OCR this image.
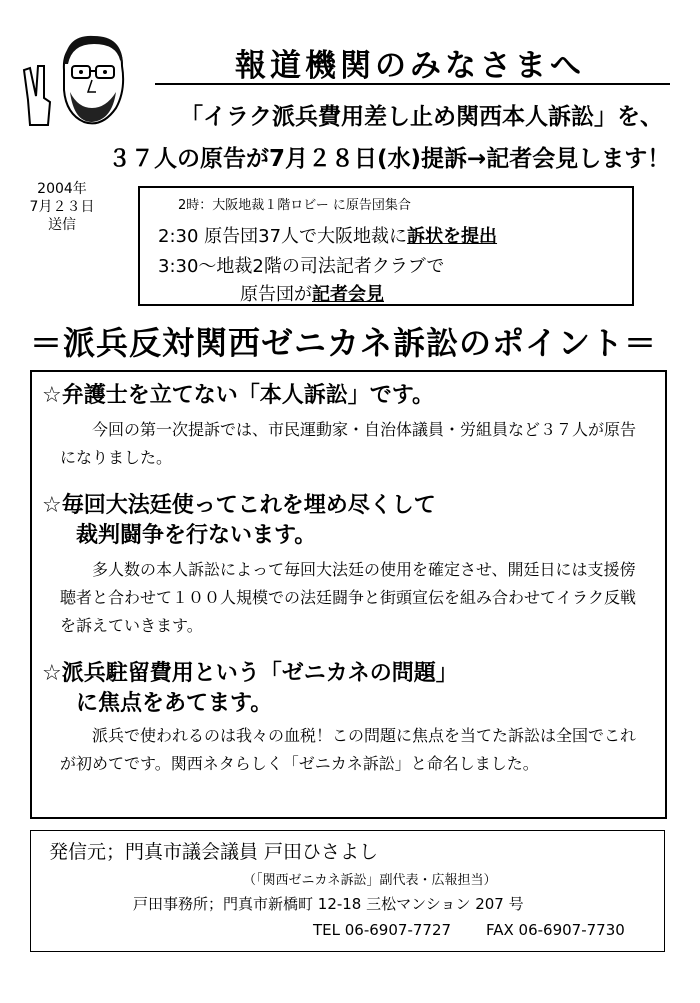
報道機関のみなさまへ
「イラク派兵費用差し止め関西本人訴訟」を、
３７人の原告が7月２８日(水)提訴→記者会見します！
2004年
7月２３日
送信
2時：大阪地裁１階ロビー に原告団集合
2:30 原告団37人で大阪地裁に訴状を提出
3:30〜地裁2階の司法記者クラブで
原告団が記者会見
＝派兵反対関西ゼニカネ訴訟のポイント＝
☆弁護士を立てない「本人訴訟」です。
今回の第一次提訴では、市民運動家・自治体議員・労組員など３７人が原告になりました。
☆毎回大法廷使ってこれを埋め尽くして
裁判闘争を行ないます。
多人数の本人訴訟によって毎回大法廷の使用を確定させ、開廷日には支援傍聴者と合わせて１００人規模での法廷闘争と街頭宣伝を組み合わせてイラク反戦を訴えていきます。
☆派兵駐留費用という「ゼニカネの問題」
に焦点をあてます。
派兵で使われるのは我々の血税！この問題に焦点を当てた訴訟は全国でこれが初めてです。関西ネタらしく「ゼニカネ訴訟」と命名しました。
発信元；門真市議会議員 戸田ひさよし
（「関西ゼニカネ訴訟」副代表・広報担当）
戸田事務所；門真市新橋町 12-18 三松マンション 207 号
TEL 06-6907-7727 FAX 06-6907-7730
